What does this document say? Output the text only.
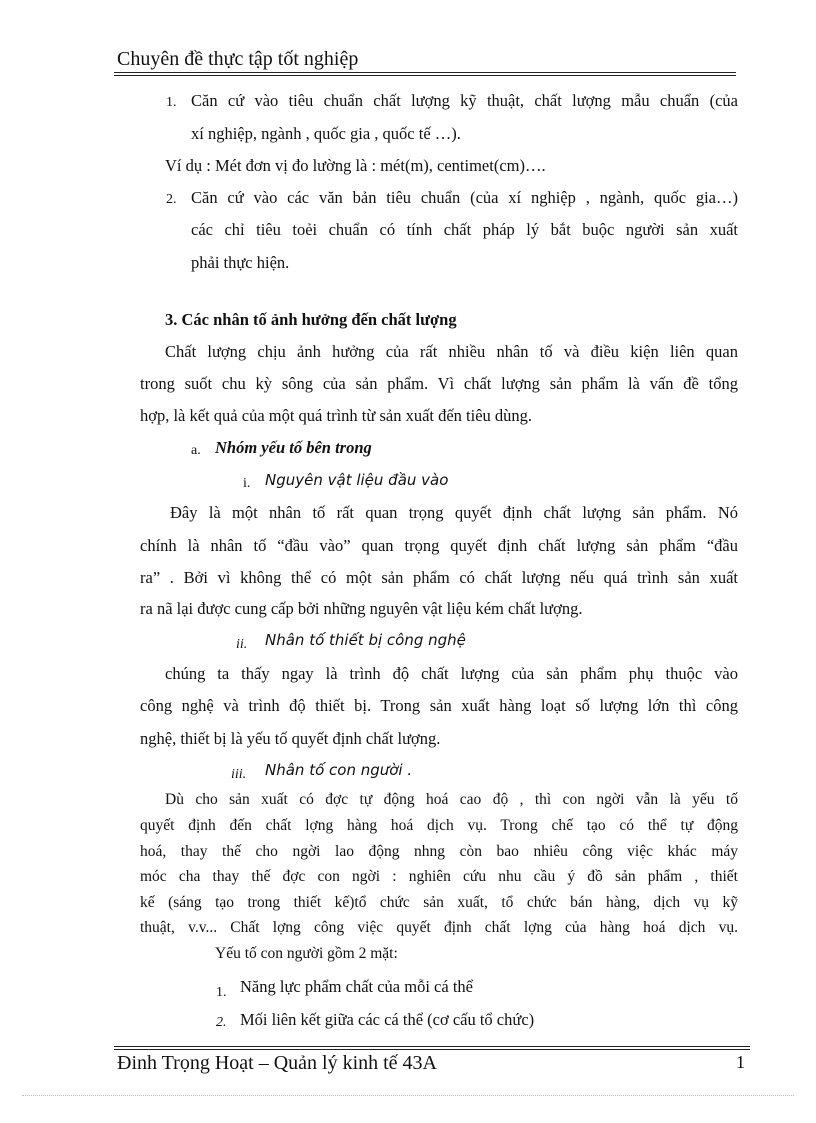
Chuyên đề thực tập tốt nghiệp
1. Căn cứ vào tiêu chuẩn chất lượng kỹ thuật, chất lượng mẫu chuẩn (của
xí nghiệp, ngành , quốc gia , quốc tế …).
Ví dụ : Mét đơn vị đo lường là : mét(m), centimet(cm)….
2. Căn cứ vào các văn bản tiêu chuẩn (của xí nghiệp , ngành, quốc gia…)
các chỉ tiêu toẻi chuẩn có tính chất pháp lý bắt buộc người sản xuất
phải thực hiện.
3. Các nhân tố ảnh hưởng đến chất lượng
Chất lượng chịu ảnh hưởng của rất nhiều nhân tố và điều kiện liên quan
trong suốt chu kỳ sông của sản phẩm. Vì chất lượng sản phẩm là vấn đề tổng
hợp, là kết quả của một quá trình từ sản xuất đến tiêu dùng.
a. Nhóm yếu tố bên trong
i. Nguyên vật liệu đầu vào
Đây là một nhân tố rất quan trọng quyết định chất lượng sản phẩm. Nó
chính là nhân tố “đầu vào” quan trọng quyết định chất lượng sản phẩm “đầu
ra” . Bởi vì không thể có một sản phẩm có chất lượng nếu quá trình sản xuất
ra nã lại được cung cấp bởi những nguyên vật liệu kém chất lượng.
ii. Nhân tố thiết bị công nghệ
chúng ta thấy ngay là trình độ chất lượng của sản phẩm phụ thuộc vào
công nghệ và trình độ thiết bị. Trong sản xuất hàng loạt số lượng lớn thì công
nghệ, thiết bị là yếu tố quyết định chất lượng.
iii. Nhân tố con người .
Dù cho sản xuất có đợc tự động hoá cao độ , thì con ngời vẫn là yếu tố
quyết định đến chất lợng hàng hoá dịch vụ. Trong chế tạo có thể tự động
hoá, thay thế cho ngời lao động nhng còn bao nhiêu công việc khác máy
móc cha thay thế đợc con ngời : nghiên cứu nhu cầu ý đồ sản phẩm , thiết
kế (sáng tạo trong thiết kế)tổ chức sản xuất, tổ chức bán hàng, dịch vụ kỹ
thuật, v.v... Chất lợng công việc quyết định chất lợng của hàng hoá dịch vụ.
Yếu tố con người gồm 2 mặt:
1. Năng lực phẩm chất của mỗi cá thể
2. Mối liên kết giữa các cá thể (cơ cấu tổ chức)
Đinh Trọng Hoạt – Quản lý kinh tế 43A	1
